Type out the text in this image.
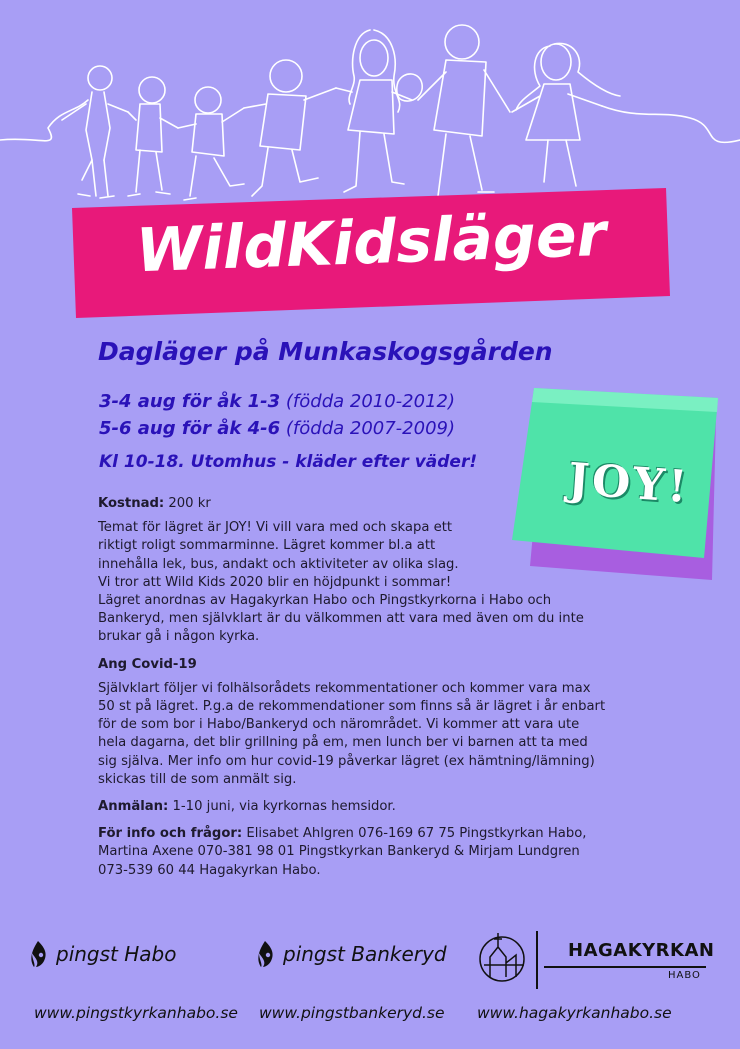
WildKidsläger
Dagläger på Munkaskogsgården
3-4 aug för åk 1-3 (födda 2010-2012)
5-6 aug för åk 4-6 (födda 2007-2009)
Kl 10-18. Utomhus - kläder efter väder!	JOY!

Kostnad: 200 kr

Temat för lägret är JOY! Vi vill vara med och skapa ett

riktigt roligt sommarminne. Lägret kommer bl.a att

innehålla lek, bus, andakt och aktiviteter av olika slag.

Vi tror att Wild Kids 2020 blir en höjdpunkt i sommar!

Lägret anordnas av Hagakyrkan Habo och Pingstkyrkorna i Habo och

Bankeryd, men självklart är du välkommen att vara med även om du inte

brukar gå i någon kyrka.

Ang Covid-19

Självklart följer vi folhälsorådets rekommentationer och kommer vara max

50 st på lägret. P.g.a de rekommendationer som finns så är lägret i år enbart

för de som bor i Habo/Bankeryd och närområdet. Vi kommer att vara ute

hela dagarna, det blir grillning på em, men lunch ber vi barnen att ta med

sig själva. Mer info om hur covid-19 påverkar lägret (ex hämtning/lämning)

skickas till de som anmält sig.

Anmälan: 1-10 juni, via kyrkornas hemsidor.

För info och frågor: Elisabet Ahlgren 076-169 67 75 Pingstkyrkan Habo,

Martina Axene 070-381 98 01 Pingstkyrkan Bankeryd & Mirjam Lundgren

073-539 60 44 Hagakyrkan Habo.

pingst Habo	pingst Bankeryd	HAGAKYRKAN
HABO
www.pingstkyrkanhabo.se www.pingstbankeryd.se www.hagakyrkanhabo.se
